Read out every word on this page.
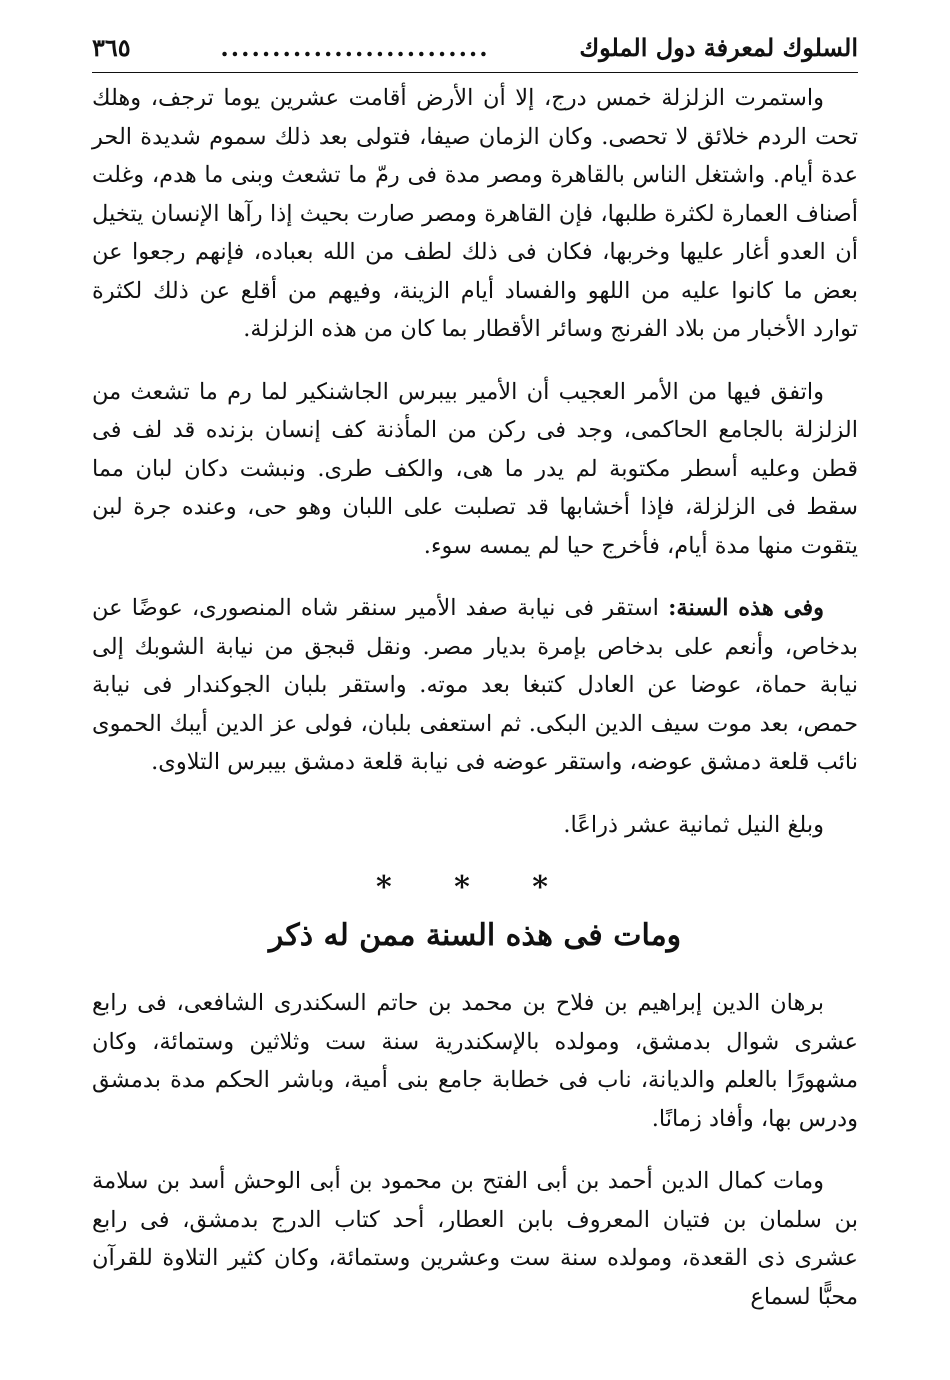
السلوك لمعرفة دول الملوك
..........................
٣٦٥

واستمرت الزلزلة خمس درج، إلا أن الأرض أقامت عشرين يوما ترجف، وهلك تحت الردم خلائق لا تحصى. وكان الزمان صيفا، فتولى بعد ذلك سموم شديدة الحر عدة أيام. واشتغل الناس بالقاهرة ومصر مدة فى رمّ ما تشعث وبنى ما هدم، وغلت أصناف العمارة لكثرة طلبها، فإن القاهرة ومصر صارت بحيث إذا رآها الإنسان يتخيل أن العدو أغار عليها وخربها، فكان فى ذلك لطف من الله بعباده، فإنهم رجعوا عن بعض ما كانوا عليه من اللهو والفساد أيام الزينة، وفيهم من أقلع عن ذلك لكثرة توارد الأخبار من بلاد الفرنج وسائر الأقطار بما كان من هذه الزلزلة.

واتفق فيها من الأمر العجيب أن الأمير بيبرس الجاشنكير لما رم ما تشعث من الزلزلة بالجامع الحاكمى، وجد فى ركن من المأذنة كف إنسان بزنده قد لف فى قطن وعليه أسطر مكتوبة لم يدر ما هى، والكف طرى. ونبشت دكان لبان مما سقط فى الزلزلة، فإذا أخشابها قد تصلبت على اللبان وهو حى، وعنده جرة لبن يتقوت منها مدة أيام، فأخرج حيا لم يمسه سوء.

وفى هذه السنة: استقر فى نيابة صفد الأمير سنقر شاه المنصورى، عوضًا عن بدخاص، وأنعم على بدخاص بإمرة بديار مصر. ونقل قبجق من نيابة الشوبك إلى نيابة حماة، عوضا عن العادل كتبغا بعد موته. واستقر بلبان الجوكندار فى نيابة حمص، بعد موت سيف الدين البكى. ثم استعفى بلبان، فولى عز الدين أيبك الحموى نائب قلعة دمشق عوضه، واستقر عوضه فى نيابة قلعة دمشق بيبرس التلاوى.

وبلغ النيل ثمانية عشر ذراعًا.

* * *
ومات فى هذه السنة ممن له ذكر

برهان الدين إبراهيم بن فلاح بن محمد بن حاتم السكندرى الشافعى، فى رابع عشرى شوال بدمشق، ومولده بالإسكندرية سنة ست وثلاثين وستمائة، وكان مشهورًا بالعلم والديانة، ناب فى خطابة جامع بنى أمية، وباشر الحكم مدة بدمشق ودرس بها، وأفاد زمانًا.

ومات كمال الدين أحمد بن أبى الفتح بن محمود بن أبى الوحش أسد بن سلامة بن سلمان بن فتيان المعروف بابن العطار، أحد كتاب الدرج بدمشق، فى رابع عشرى ذى القعدة، ومولده سنة ست وعشرين وستمائة، وكان كثير التلاوة للقرآن محبًّا لسماع
